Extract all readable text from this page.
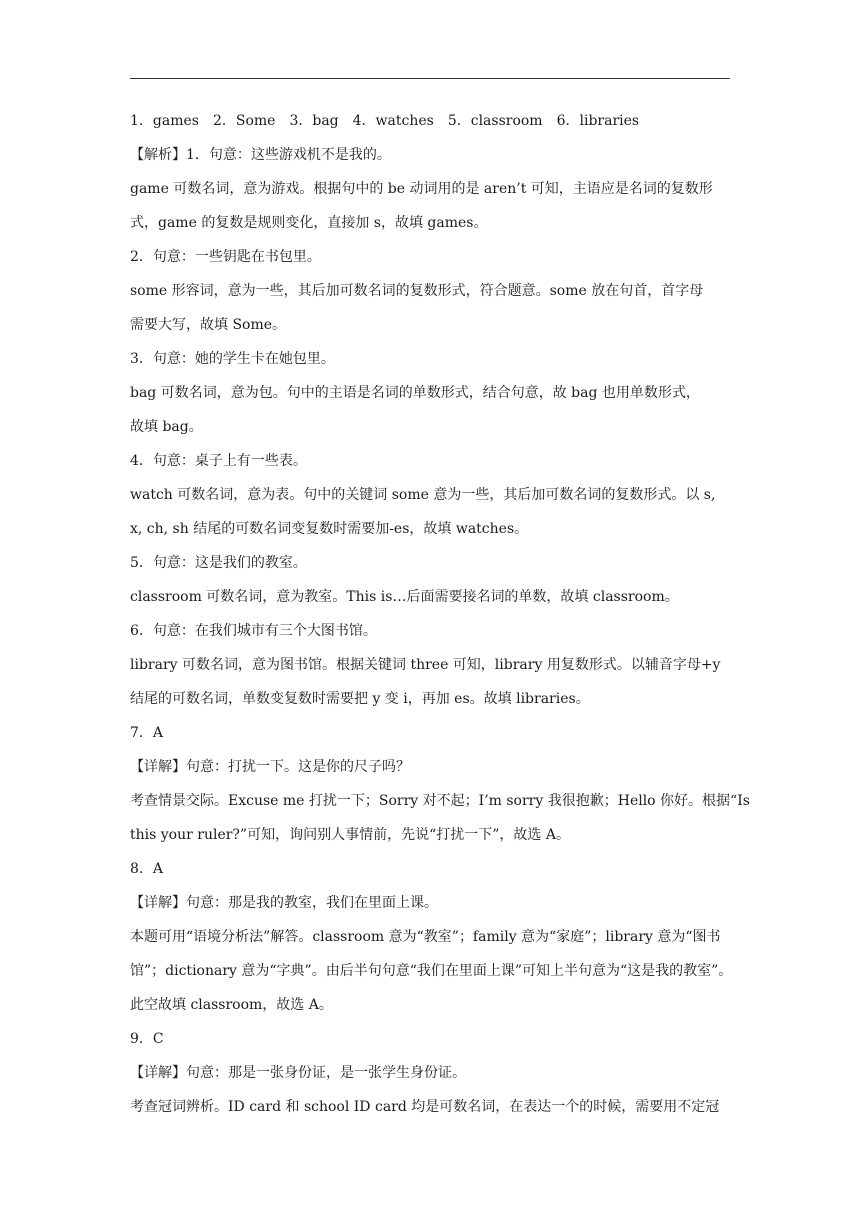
1．games　2．Some　3．bag　4．watches　5．classroom　6．libraries
【解析】1．句意：这些游戏机不是我的。
game 可数名词，意为游戏。根据句中的 be 动词用的是 aren’t 可知，主语应是名词的复数形
式，game 的复数是规则变化，直接加 s，故填 games。
2．句意：一些钥匙在书包里。
some 形容词，意为一些，其后加可数名词的复数形式，符合题意。some 放在句首，首字母
需要大写，故填 Some。
3．句意：她的学生卡在她包里。
bag 可数名词，意为包。句中的主语是名词的单数形式，结合句意，故 bag 也用单数形式，
故填 bag。
4．句意：桌子上有一些表。
watch 可数名词，意为表。句中的关键词 some 意为一些，其后加可数名词的复数形式。以 s,
x, ch, sh 结尾的可数名词变复数时需要加-es，故填 watches。
5．句意：这是我们的教室。
classroom 可数名词，意为教室。This is…后面需要接名词的单数，故填 classroom。
6．句意：在我们城市有三个大图书馆。
library 可数名词，意为图书馆。根据关键词 three 可知，library 用复数形式。以辅音字母+y
结尾的可数名词，单数变复数时需要把 y 变 i，再加 es。故填 libraries。
7．A
【详解】句意：打扰一下。这是你的尺子吗？
考查情景交际。Excuse me 打扰一下；Sorry 对不起；I’m sorry 我很抱歉；Hello 你好。根据“Is
this your ruler?”可知，询问别人事情前，先说“打扰一下”，故选 A。
8．A
【详解】句意：那是我的教室，我们在里面上课。
本题可用“语境分析法”解答。classroom 意为“教室”；family 意为“家庭”；library 意为“图书
馆”；dictionary 意为“字典”。由后半句句意“我们在里面上课”可知上半句意为“这是我的教室”。
此空故填 classroom，故选 A。
9．C
【详解】句意：那是一张身份证，是一张学生身份证。
考查冠词辨析。ID card 和 school ID card 均是可数名词，在表达一个的时候，需要用不定冠
